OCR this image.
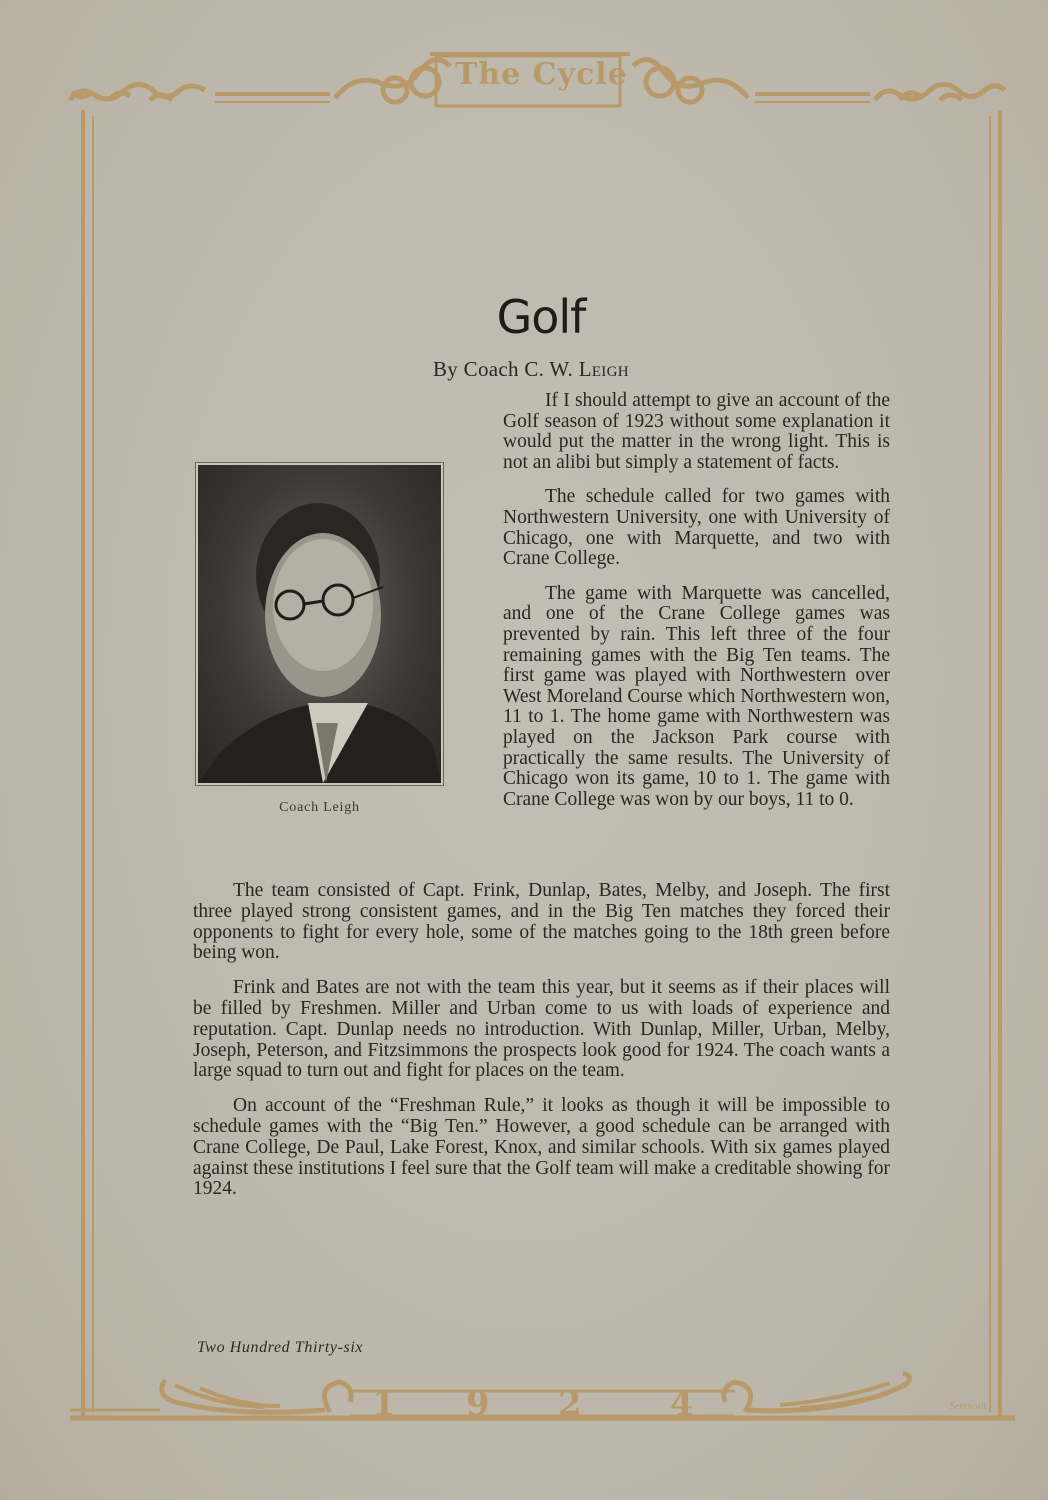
The Cycle
Golf
By Coach C. W. Leigh
Coach Leigh

If I should attempt to give an account of the Golf season of 1923 without some explanation it would put the matter in the wrong light. This is not an alibi but simply a statement of facts.

The schedule called for two games with Northwestern University, one with University of Chicago, one with Marquette, and two with Crane College.

The game with Marquette was cancelled, and one of the Crane College games was prevented by rain. This left three of the four remaining games with the Big Ten teams. The first game was played with Northwestern over West Moreland Course which Northwestern won, 11 to 1. The home game with Northwestern was played on the Jackson Park course with practically the same results. The University of Chicago won its game, 10 to 1. The game with Crane College was won by our boys, 11 to 0.

The team consisted of Capt. Frink, Dunlap, Bates, Melby, and Joseph. The first three played strong consistent games, and in the Big Ten matches they forced their opponents to fight for every hole, some of the matches going to the 18th green before being won.

Frink and Bates are not with the team this year, but it seems as if their places will be filled by Freshmen. Miller and Urban come to us with loads of experience and reputation. Capt. Dunlap needs no introduction. With Dunlap, Miller, Urban, Melby, Joseph, Peterson, and Fitzsimmons the prospects look good for 1924. The coach wants a large squad to turn out and fight for places on the team.

On account of the “Freshman Rule,” it looks as though it will be impossible to schedule games with the “Big Ten.” However, a good schedule can be arranged with Crane College, De Paul, Lake Forest, Knox, and similar schools. With six games played against these institutions I feel sure that the Golf team will make a creditable showing for 1924.

Two Hundred Thirty-six
1 9 2	4	Serescall
